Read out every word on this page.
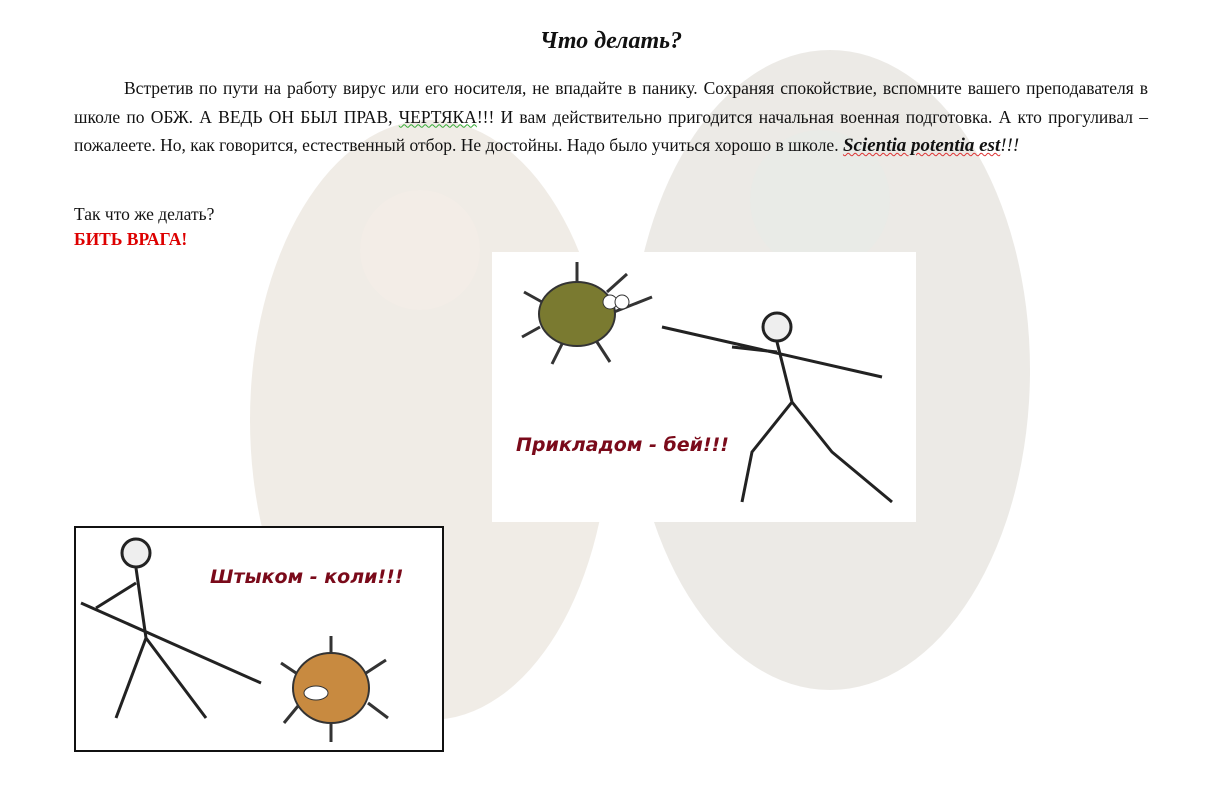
Что делать?

Встретив по пути на работу вирус или его носителя, не впадайте в панику. Сохраняя спокойствие, вспомните вашего преподавателя в школе по ОБЖ. А ВЕДЬ ОН БЫЛ ПРАВ, ЧЕРТЯКА!!! И вам действительно пригодится начальная военная подготовка. А кто прогуливал – пожалеете. Но, как говорится, естественный отбор. Не достойны. Надо было учиться хорошо в школе. Scientia potentia est!!!

Так что же делать?
БИТЬ ВРАГА!
Прикладом - бей!!!
Штыком - коли!!!
